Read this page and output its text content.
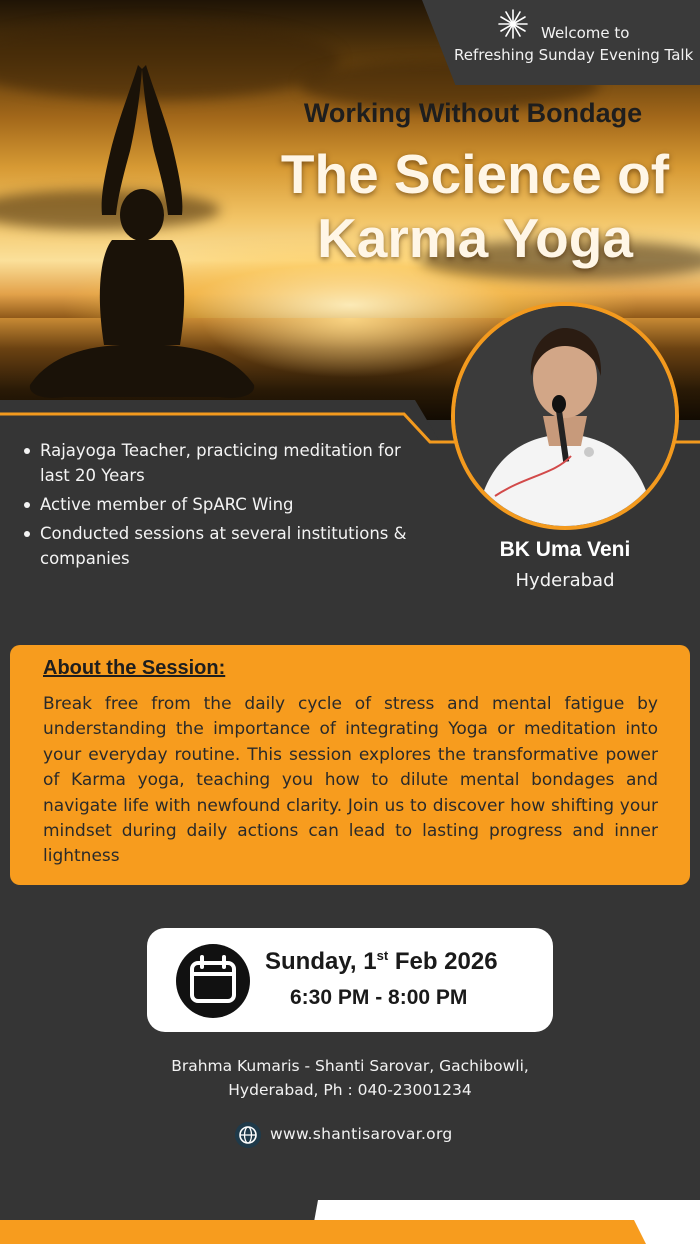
Welcome to
Refreshing Sunday Evening Talk
Working Without Bondage
The Science of
Karma Yoga
Rajayoga Teacher, practicing meditation for last 20 Years
Active member of SpARC Wing
Conducted sessions at several institutions & companies	BK Uma Veni
Hyderabad
About the Session:

Break free from the daily cycle of stress and mental fatigue by understanding the importance of integrating Yoga or meditation into your everyday routine. This session explores the transformative power of Karma yoga, teaching you how to dilute mental bondages and navigate life with newfound clarity. Join us to discover how shifting your mindset during daily actions can lead to lasting progress and inner lightness

Sunday, 1st Feb 2026
6:30 PM - 8:00 PM
Brahma Kumaris - Shanti Sarovar, Gachibowli,
Hyderabad, Ph : 040-23001234
www.shantisarovar.org
